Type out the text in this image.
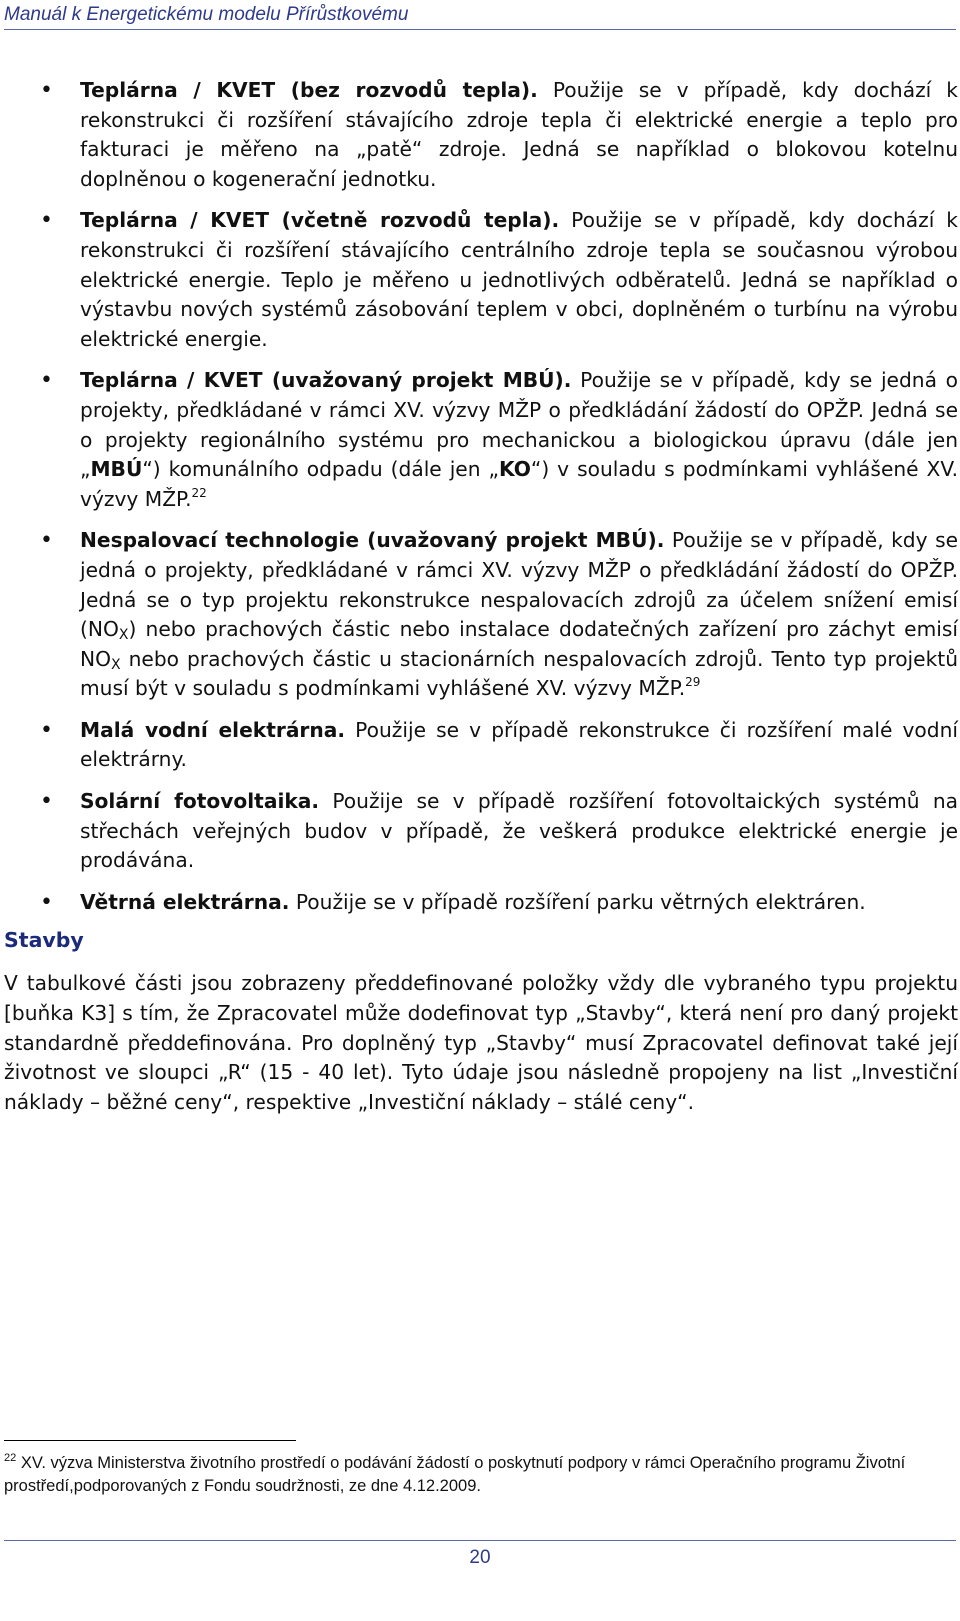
Manuál k Energetickému modelu Přírůstkovému
• Teplárna / KVET (bez rozvodů tepla). Použije se v případě, kdy dochází k rekonstrukci či rozšíření stávajícího zdroje tepla či elektrické energie a teplo pro fakturaci je měřeno na „patě“ zdroje. Jedná se například o blokovou kotelnu doplněnou o kogenerační jednotku.
• Teplárna / KVET (včetně rozvodů tepla). Použije se v případě, kdy dochází k rekonstrukci či rozšíření stávajícího centrálního zdroje tepla se současnou výrobou elektrické energie. Teplo je měřeno u jednotlivých odběratelů. Jedná se například o výstavbu nových systémů zásobování teplem v obci, doplněném o turbínu na výrobu elektrické energie.
• Teplárna / KVET (uvažovaný projekt MBÚ). Použije se v případě, kdy se jedná o projekty, předkládané v rámci XV. výzvy MŽP o předkládání žádostí do OPŽP. Jedná se o projekty regionálního systému pro mechanickou a biologickou úpravu (dále jen „MBÚ“) komunálního odpadu (dále jen „KO“) v souladu s podmínkami vyhlášené XV. výzvy MŽP.$^{22}$
• Nespalovací technologie (uvažovaný projekt MBÚ). Použije se v případě, kdy se jedná o projekty, předkládané v rámci XV. výzvy MŽP o předkládání žádostí do OPŽP. Jedná se o typ projektu rekonstrukce nespalovacích zdrojů za účelem snížení emisí $(NO_X)$ nebo prachových částic nebo instalace dodatečných zařízení pro záchyt emisí $NO_X$ nebo prachových částic u stacionárních nespalovacích zdrojů. Tento typ projektů musí být v souladu s podmínkami vyhlášené XV. výzvy MŽP.$^{29}$
• Malá vodní elektrárna. Použije se v případě rekonstrukce či rozšíření malé vodní elektrárny.
• Solární fotovoltaika. Použije se v případě rozšíření fotovoltaických systémů na střechách veřejných budov v případě, že veškerá produkce elektrické energie je prodávána.
• Větrná elektrárna. Použije se v případě rozšíření parku větrných elektráren.
Stavby

V tabulkové části jsou zobrazeny předdefinované položky vždy dle vybraného typu projektu [buňka K3] s tím, že Zpracovatel může dodefinovat typ „Stavby“, která není pro daný projekt standardně předdefinována. Pro doplněný typ „Stavby“ musí Zpracovatel definovat také její životnost ve sloupci „R“ (15 - 40 let). Tyto údaje jsou následně propojeny na list „Investiční náklady – běžné ceny“, respektive „Investiční náklady – stálé ceny“.

$^{22}$ XV. výzva Ministerstva životního prostředí o podávání žádostí o poskytnutí podpory v rámci Operačního programu Životní prostředí,podporovaných z Fondu soudržnosti, ze dne 4.12.2009.
20
